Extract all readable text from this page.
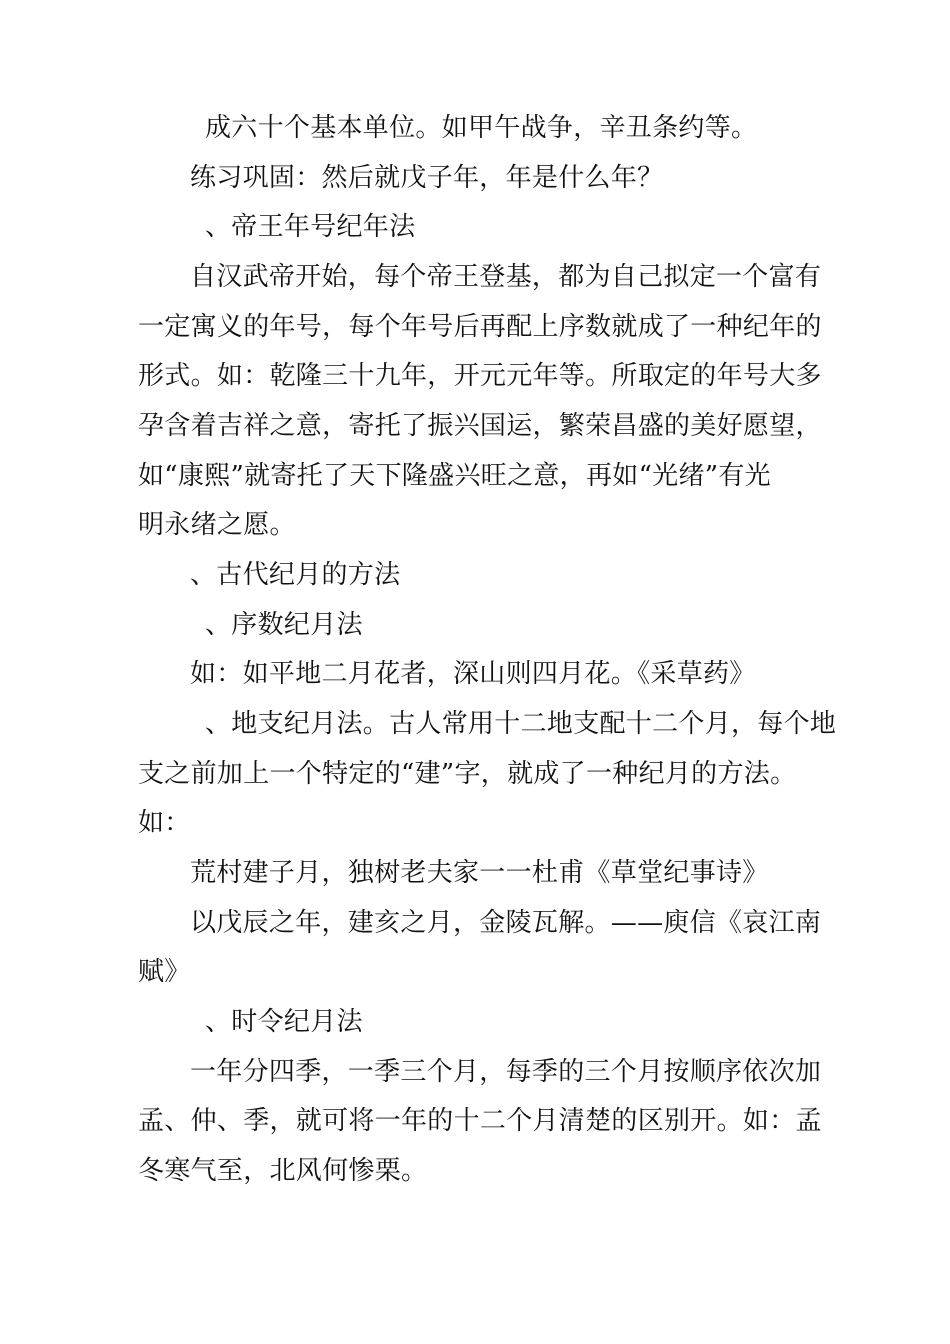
成六十个基本单位。如甲午战争，辛丑条约等。
练习巩固：然后就戊子年，年是什么年？
、帝王年号纪年法
自汉武帝开始，每个帝王登基，都为自己拟定一个富有
一定寓义的年号，每个年号后再配上序数就成了一种纪年的
形式。如：乾隆三十九年，开元元年等。所取定的年号大多
孕含着吉祥之意，寄托了振兴国运，繁荣昌盛的美好愿望，
如“康熙”就寄托了天下隆盛兴旺之意，再如“光绪”有光
明永绪之愿。
、古代纪月的方法
、序数纪月法
如：如平地二月花者，深山则四月花。《采草药》
、地支纪月法。古人常用十二地支配十二个月，每个地
支之前加上一个特定的“建”字，就成了一种纪月的方法。
如：
荒村建子月，独树老夫家一一杜甫《草堂纪事诗》
以戊辰之年，建亥之月，金陵瓦解。——庾信《哀江南
赋》
、时令纪月法
一年分四季，一季三个月，每季的三个月按顺序依次加
孟、仲、季，就可将一年的十二个月清楚的区别开。如：孟
冬寒气至，北风何惨栗。
